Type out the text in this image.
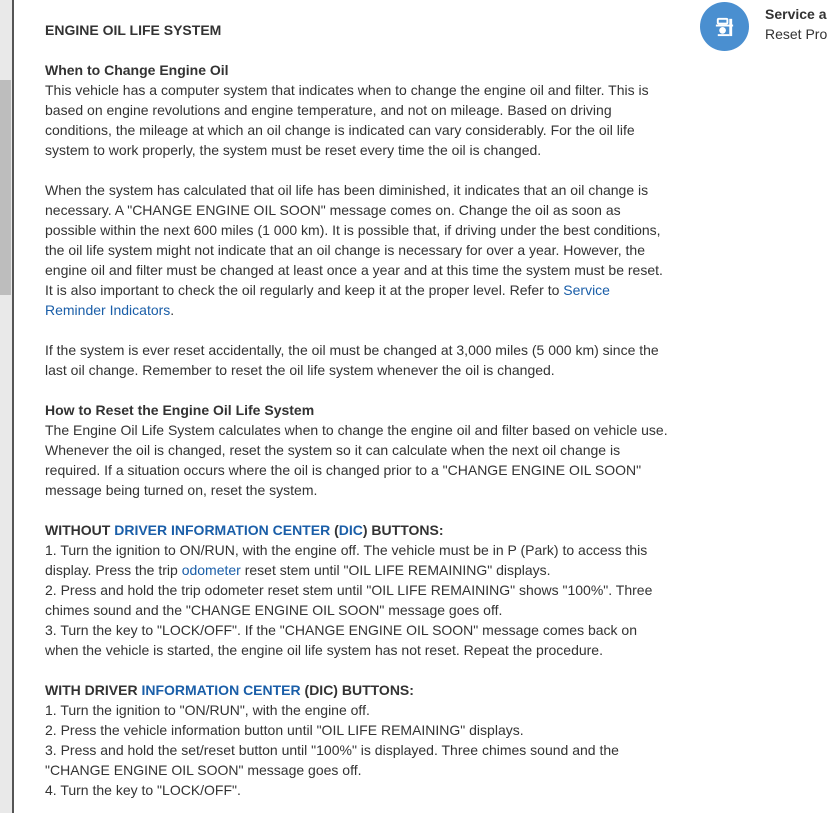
Service a
Reset Pro

ENGINE OIL LIFE SYSTEM

When to Change Engine Oil

This vehicle has a computer system that indicates when to change the engine oil and filter. This is based on engine revolutions and engine temperature, and not on mileage. Based on driving conditions, the mileage at which an oil change is indicated can vary considerably. For the oil life system to work properly, the system must be reset every time the oil is changed.

When the system has calculated that oil life has been diminished, it indicates that an oil change is necessary. A "CHANGE ENGINE OIL SOON" message comes on. Change the oil as soon as possible within the next 600 miles (1 000 km). It is possible that, if driving under the best conditions, the oil life system might not indicate that an oil change is necessary for over a year. However, the engine oil and filter must be changed at least once a year and at this time the system must be reset. It is also important to check the oil regularly and keep it at the proper level. Refer to Service Reminder Indicators.

If the system is ever reset accidentally, the oil must be changed at 3,000 miles (5 000 km) since the last oil change. Remember to reset the oil life system whenever the oil is changed.

How to Reset the Engine Oil Life System

The Engine Oil Life System calculates when to change the engine oil and filter based on vehicle use. Whenever the oil is changed, reset the system so it can calculate when the next oil change is required. If a situation occurs where the oil is changed prior to a "CHANGE ENGINE OIL SOON" message being turned on, reset the system.

WITHOUT DRIVER INFORMATION CENTER (DIC) BUTTONS:
1. Turn the ignition to ON/RUN, with the engine off. The vehicle must be in P (Park) to access this display. Press the trip odometer reset stem until "OIL LIFE REMAINING" displays.
2. Press and hold the trip odometer reset stem until "OIL LIFE REMAINING" shows "100%". Three chimes sound and the "CHANGE ENGINE OIL SOON" message goes off.

3. Turn the key to "LOCK/OFF". If the "CHANGE ENGINE OIL SOON" message comes back on when the vehicle is started, the engine oil life system has not reset. Repeat the procedure.

WITH DRIVER INFORMATION CENTER (DIC) BUTTONS:
1. Turn the ignition to "ON/RUN", with the engine off.
2. Press the vehicle information button until "OIL LIFE REMAINING" displays.
3. Press and hold the set/reset button until "100%" is displayed. Three chimes sound and the "CHANGE ENGINE OIL SOON" message goes off.
4. Turn the key to "LOCK/OFF".
